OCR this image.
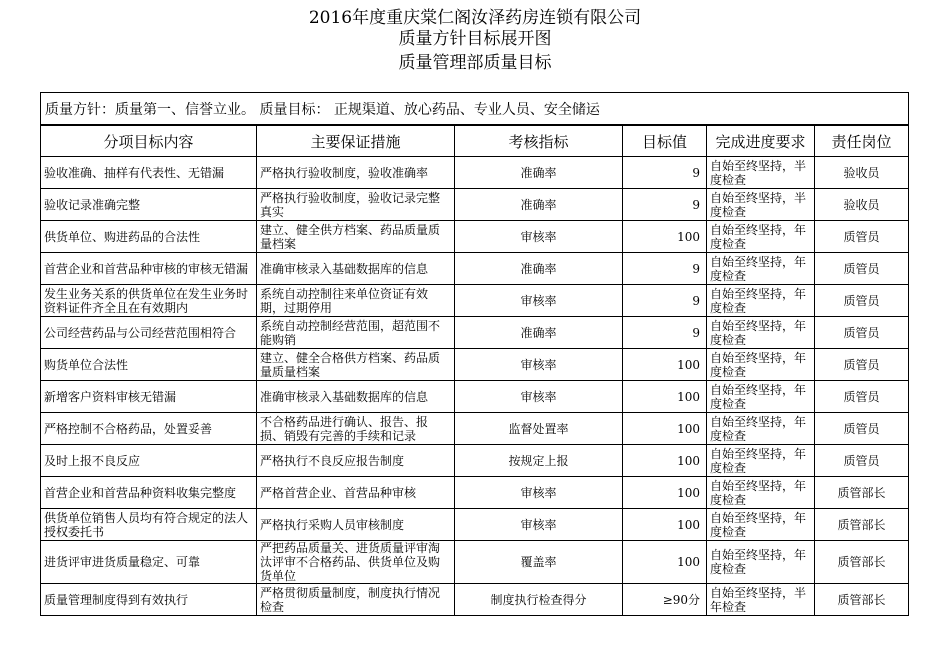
2016年度重庆棠仁阁汝泽药房连锁有限公司
质量方针目标展开图
质量管理部质量目标
质量方针：质量第一、信誉立业。 质量目标： 正规渠道、放心药品、专业人员、安全储运					
分项目标内容	主要保证措施	考核指标	目标值	完成进度要求	责任岗位
验收准确、抽样有代表性、无错漏	严格执行验收制度，验收准确率	准确率	9	自始至终坚持，半度检查	验收员
验收记录准确完整	严格执行验收制度，验收记录完整真实	准确率	9	自始至终坚持，半度检查	验收员
供货单位、购进药品的合法性	建立、健全供方档案、药品质量质量档案	审核率	100	自始至终坚持，年度检查	质管员
首营企业和首营品种审核的审核无错漏	准确审核录入基础数据库的信息	准确率	9	自始至终坚持，年度检查	质管员
发生业务关系的供货单位在发生业务时资料证件齐全且在有效期内	系统自动控制往来单位资证有效期，过期停用	审核率	9	自始至终坚持，年度检查	质管员
公司经营药品与公司经营范围相符合	系统自动控制经营范围，超范围不能购销	准确率	9	自始至终坚持，年度检查	质管员
购货单位合法性	建立、健全合格供方档案、药品质量质量档案	审核率	100	自始至终坚持，年度检查	质管员
新增客户资料审核无错漏	准确审核录入基础数据库的信息	审核率	100	自始至终坚持，年度检查	质管员
严格控制不合格药品，处置妥善	不合格药品进行确认、报告、报损、销毁有完善的手续和记录	监督处置率	100	自始至终坚持，年度检查	质管员
及时上报不良反应	严格执行不良反应报告制度	按规定上报	100	自始至终坚持，年度检查	质管员
首营企业和首营品种资料收集完整度	严格首营企业、首营品种审核	审核率	100	自始至终坚持，年度检查	质管部长
供货单位销售人员均有符合规定的法人授权委托书	严格执行采购人员审核制度	审核率	100	自始至终坚持，年度检查	质管部长
进货评审进货质量稳定、可靠	严把药品质量关、进货质量评审淘汰评审不合格药品、供货单位及购货单位	覆盖率	100	自始至终坚持，年度检查	质管部长
质量管理制度得到有效执行	严格贯彻质量制度，制度执行情况检查	制度执行检查得分	≥90分	自始至终坚持，半年检查	质管部长
